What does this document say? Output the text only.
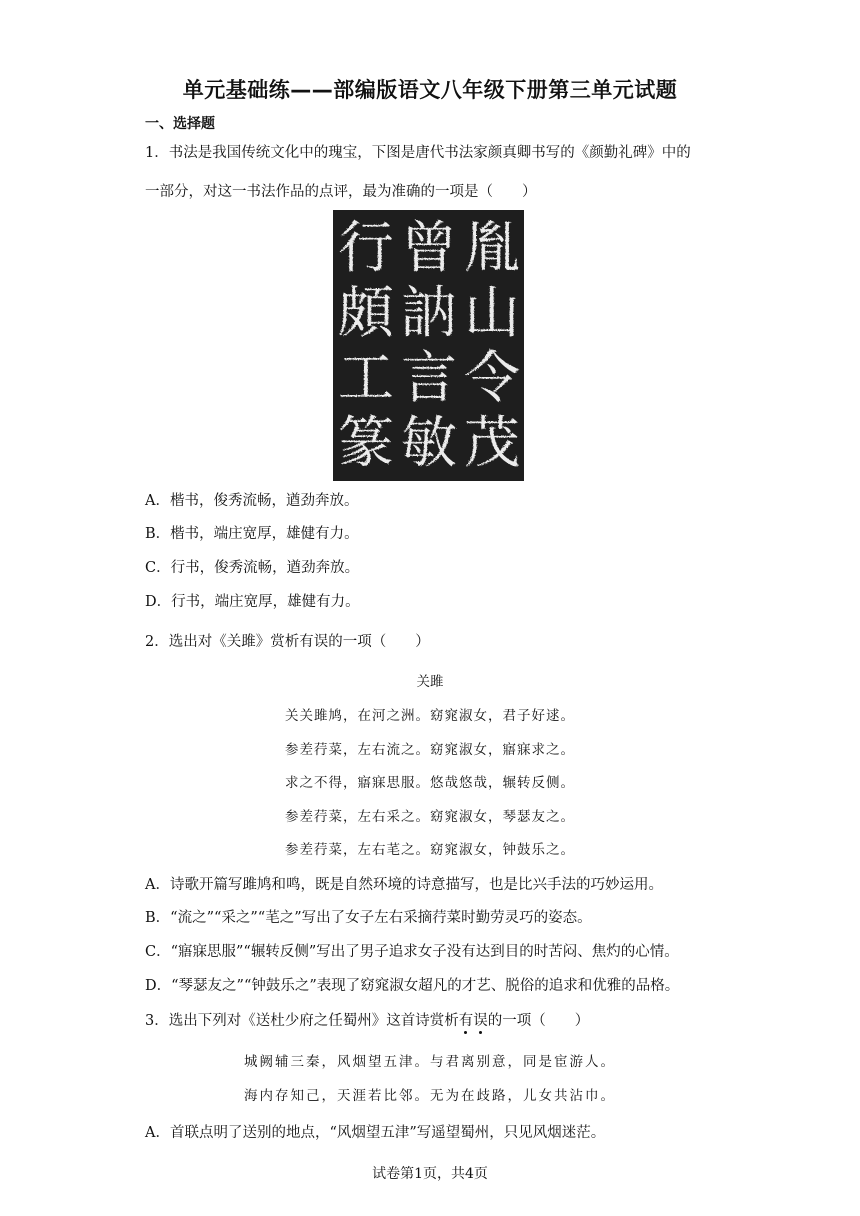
单元基础练——部编版语文八年级下册第三单元试题
一、选择题
1．书法是我国传统文化中的瑰宝，下图是唐代书法家颜真卿书写的《颜勤礼碑》中的
一部分，对这一书法作品的点评，最为准确的一项是（　　）
行 曾 胤
頗 訥 山
工 言 令
篆 敏 茂
A．楷书，俊秀流畅，遒劲奔放。
B．楷书，端庄宽厚，雄健有力。
C．行书，俊秀流畅，遒劲奔放。
D．行书，端庄宽厚，雄健有力。
2．选出对《关雎》赏析有误的一项（　　）
关雎
关关雎鸠，在河之洲。窈窕淑女，君子好逑。
参差荇菜，左右流之。窈窕淑女，寤寐求之。
求之不得，寤寐思服。悠哉悠哉，辗转反侧。
参差荇菜，左右采之。窈窕淑女，琴瑟友之。
参差荇菜，左右芼之。窈窕淑女，钟鼓乐之。
A．诗歌开篇写雎鸠和鸣，既是自然环境的诗意描写，也是比兴手法的巧妙运用。
B．“流之”“采之”“芼之”写出了女子左右采摘荇菜时勤劳灵巧的姿态。
C．“寤寐思服”“辗转反侧”写出了男子追求女子没有达到目的时苦闷、焦灼的心情。
D．“琴瑟友之”“钟鼓乐之”表现了窈窕淑女超凡的才艺、脱俗的追求和优雅的品格。
3．选出下列对《送杜少府之任蜀州》这首诗赏析有误的一项（　　）
城阙辅三秦，风烟望五津。与君离别意，同是宦游人。
海内存知己，天涯若比邻。无为在歧路，儿女共沾巾。
A．首联点明了送别的地点，“风烟望五津”写遥望蜀州，只见风烟迷茫。
试卷第1页，共4页
